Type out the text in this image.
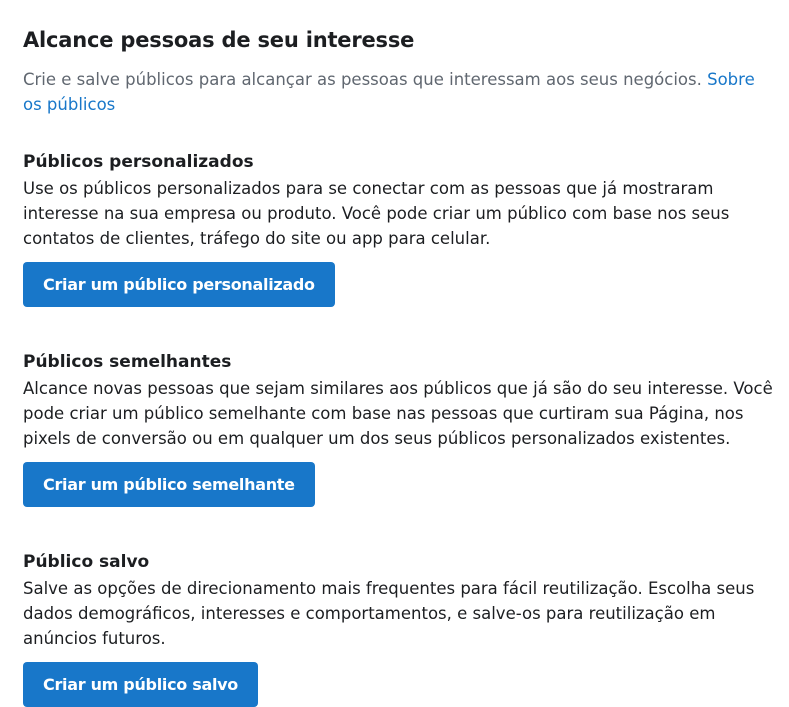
Alcance pessoas de seu interesse

Crie e salve públicos para alcançar as pessoas que interessam aos seus negócios. Sobre os públicos

Públicos personalizados

Use os públicos personalizados para se conectar com as pessoas que já mostraram interesse na sua empresa ou produto. Você pode criar um público com base nos seus contatos de clientes, tráfego do site ou app para celular.

Criar um público personalizado
Públicos semelhantes

Alcance novas pessoas que sejam similares aos públicos que já são do seu interesse. Você pode criar um público semelhante com base nas pessoas que curtiram sua Página, nos pixels de conversão ou em qualquer um dos seus públicos personalizados existentes.

Criar um público semelhante
Público salvo

Salve as opções de direcionamento mais frequentes para fácil reutilização. Escolha seus dados demográficos, interesses e comportamentos, e salve-os para reutilização em anúncios futuros.

Criar um público salvo
